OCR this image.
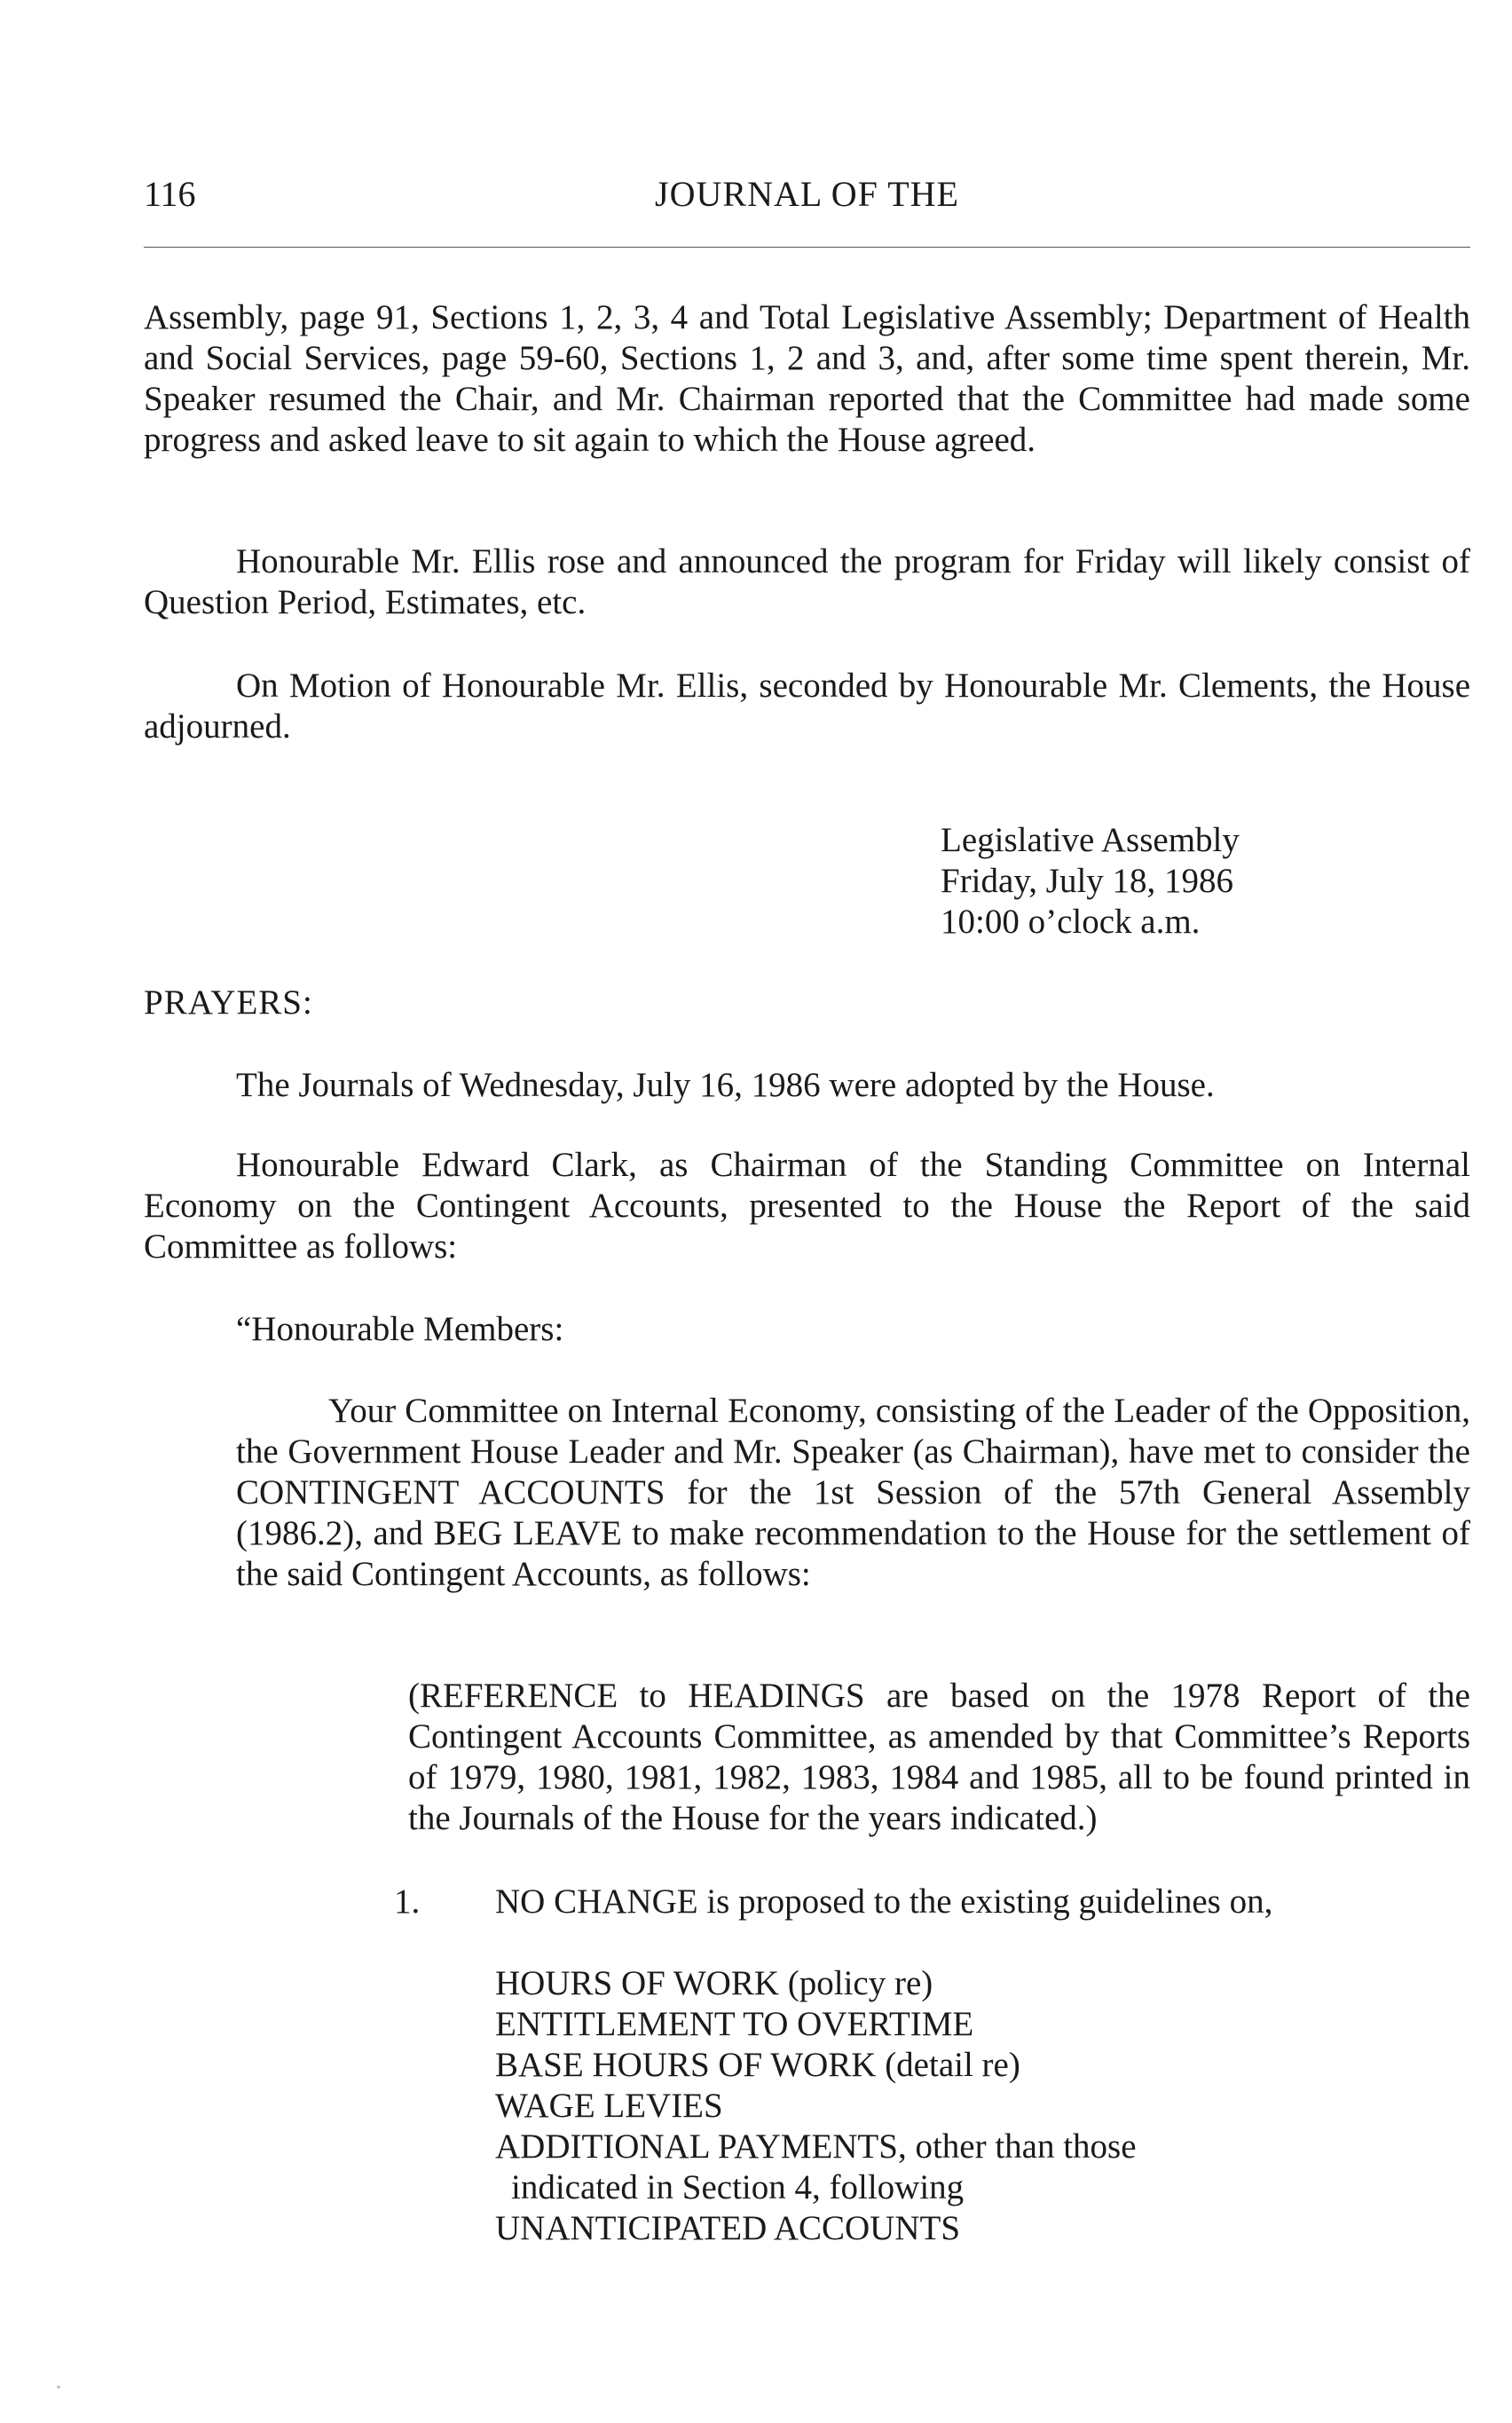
116	JOURNAL OF THE

Assembly, page 91, Sections 1, 2, 3, 4 and Total Legislative Assembly; Department of Health and Social Services, page 59-60, Sections 1, 2 and 3, and, after some time spent therein, Mr. Speaker resumed the Chair, and Mr. Chairman reported that the Committee had made some progress and asked leave to sit again to which the House agreed.

Honourable Mr. Ellis rose and announced the program for Friday will likely consist of Question Period, Estimates, etc.

On Motion of Honourable Mr. Ellis, seconded by Honourable Mr. Clements, the House adjourned.

Legislative Assembly
Friday, July 18, 1986
10:00 o’clock a.m.
PRAYERS:

The Journals of Wednesday, July 16, 1986 were adopted by the House.

Honourable Edward Clark, as Chairman of the Standing Committee on Internal Economy on the Contingent Accounts, presented to the House the Report of the said Committee as follows:

“Honourable Members:

Your Committee on Internal Economy, consisting of the Leader of the Opposition, the Government House Leader and Mr. Speaker (as Chairman), have met to consider the CONTINGENT ACCOUNTS for the 1st Session of the 57th General Assembly (1986.2), and BEG LEAVE to make recommendation to the House for the settlement of the said Contingent Accounts, as follows:

(REFERENCE to HEADINGS are based on the 1978 Report of the Contingent Accounts Committee, as amended by that Committee’s Reports of 1979, 1980, 1981, 1982, 1983, 1984 and 1985, all to be found printed in the Journals of the House for the years indicated.)

1. NO CHANGE is proposed to the existing guidelines on,
HOURS OF WORK (policy re)
ENTITLEMENT TO OVERTIME
BASE HOURS OF WORK (detail re)
WAGE LEVIES
ADDITIONAL PAYMENTS, other than those
indicated in Section 4, following
UNANTICIPATED ACCOUNTS
